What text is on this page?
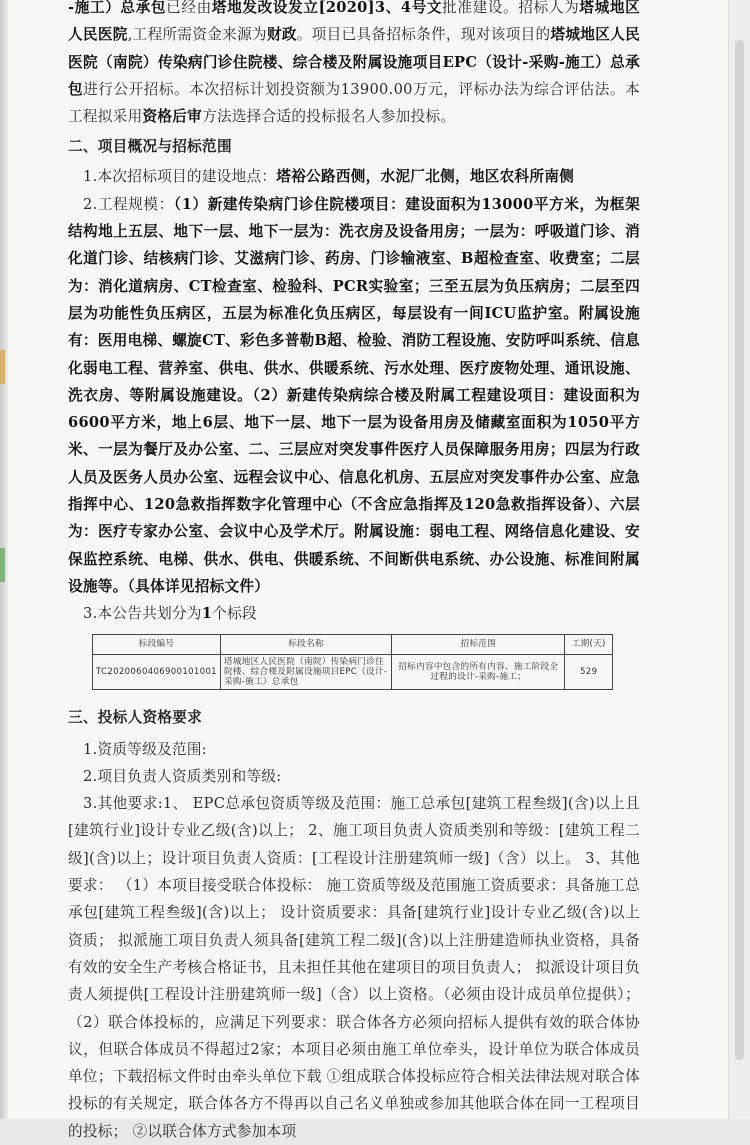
-施工）总承包已经由塔地发改设发立[2020]3、4号文批准建设。招标人为塔城地区人民医院,工程所需资金来源为财政。项目已具备招标条件，现对该项目的塔城地区人民医院（南院）传染病门诊住院楼、综合楼及附属设施项目EPC（设计-采购-施工）总承包进行公开招标。本次招标计划投资额为13900.00万元，评标办法为综合评估法。本工程拟采用资格后审方法选择合适的投标报名人参加投标。

二、项目概况与招标范围

1.本次招标项目的建设地点：塔裕公路西侧，水泥厂北侧，地区农科所南侧

2.工程规模：（1）新建传染病门诊住院楼项目：建设面积为13000平方米，为框架结构地上五层、地下一层、地下一层为：洗衣房及设备用房；一层为：呼吸道门诊、消化道门诊、结核病门诊、艾滋病门诊、药房、门诊输液室、B超检查室、收费室；二层为：消化道病房、CT检查室、检验科、PCR实验室；三至五层为负压病房；二层至四层为功能性负压病区，五层为标准化负压病区，每层设有一间ICU监护室。附属设施有：医用电梯、螺旋CT、彩色多普勒B超、检验、消防工程设施、安防呼叫系统、信息化弱电工程、营养室、供电、供水、供暖系统、污水处理、医疗废物处理、通讯设施、洗衣房、等附属设施建设。（2）新建传染病综合楼及附属工程建设项目：建设面积为6600平方米，地上6层、地下一层、地下一层为设备用房及储藏室面积为1050平方米、一层为餐厅及办公室、二、三层应对突发事件医疗人员保障服务用房；四层为行政人员及医务人员办公室、远程会议中心、信息化机房、五层应对突发事件办公室、应急指挥中心、120急救指挥数字化管理中心（不含应急指挥及120急救指挥设备）、六层为：医疗专家办公室、会议中心及学术厅。附属设施：弱电工程、网络信息化建设、安保监控系统、电梯、供水、供电、供暖系统、不间断供电系统、办公设施、标准间附属设施等。（具体详见招标文件）

3.本公告共划分为1个标段

标段编号	标段名称	招标范围	工期(天)
TC2020060406900101001	塔城地区人民医院（南院）传染病门诊住院楼、综合楼及附属设施项目EPC（设计-采购-施工）总承包	招标内容中包含的所有内容、施工阶段全过程的设计-采购-施工；	529
三、投标人资格要求

1.资质等级及范围:

2.项目负责人资质类别和等级:

3.其他要求:1、 EPC总承包资质等级及范围：施工总承包[建筑工程叁级](含)以上且[建筑行业]设计专业乙级(含)以上； 2、施工项目负责人资质类别和等级：[建筑工程二级](含)以上；设计项目负责人资质：[工程设计注册建筑师一级]（含）以上。 3、其他要求： （1）本项目接受联合体投标： 施工资质等级及范围施工资质要求：具备施工总承包[建筑工程叁级](含)以上； 设计资质要求：具备[建筑行业]设计专业乙级(含)以上资质； 拟派施工项目负责人须具备[建筑工程二级](含)以上注册建造师执业资格，具备有效的安全生产考核合格证书，且未担任其他在建项目的项目负责人； 拟派设计项目负责人须提供[工程设计注册建筑师一级]（含）以上资格。（必须由设计成员单位提供）； （2）联合体投标的，应满足下列要求：联合体各方必须向招标人提供有效的联合体协议，但联合体成员不得超过2家；本项目必须由施工单位牵头，设计单位为联合体成员单位；下载招标文件时由牵头单位下载 ①组成联合体投标应符合相关法律法规对联合体投标的有关规定，联合体各方不得再以自己名义单独或参加其他联合体在同一工程项目的投标； ②以联合体方式参加本项
